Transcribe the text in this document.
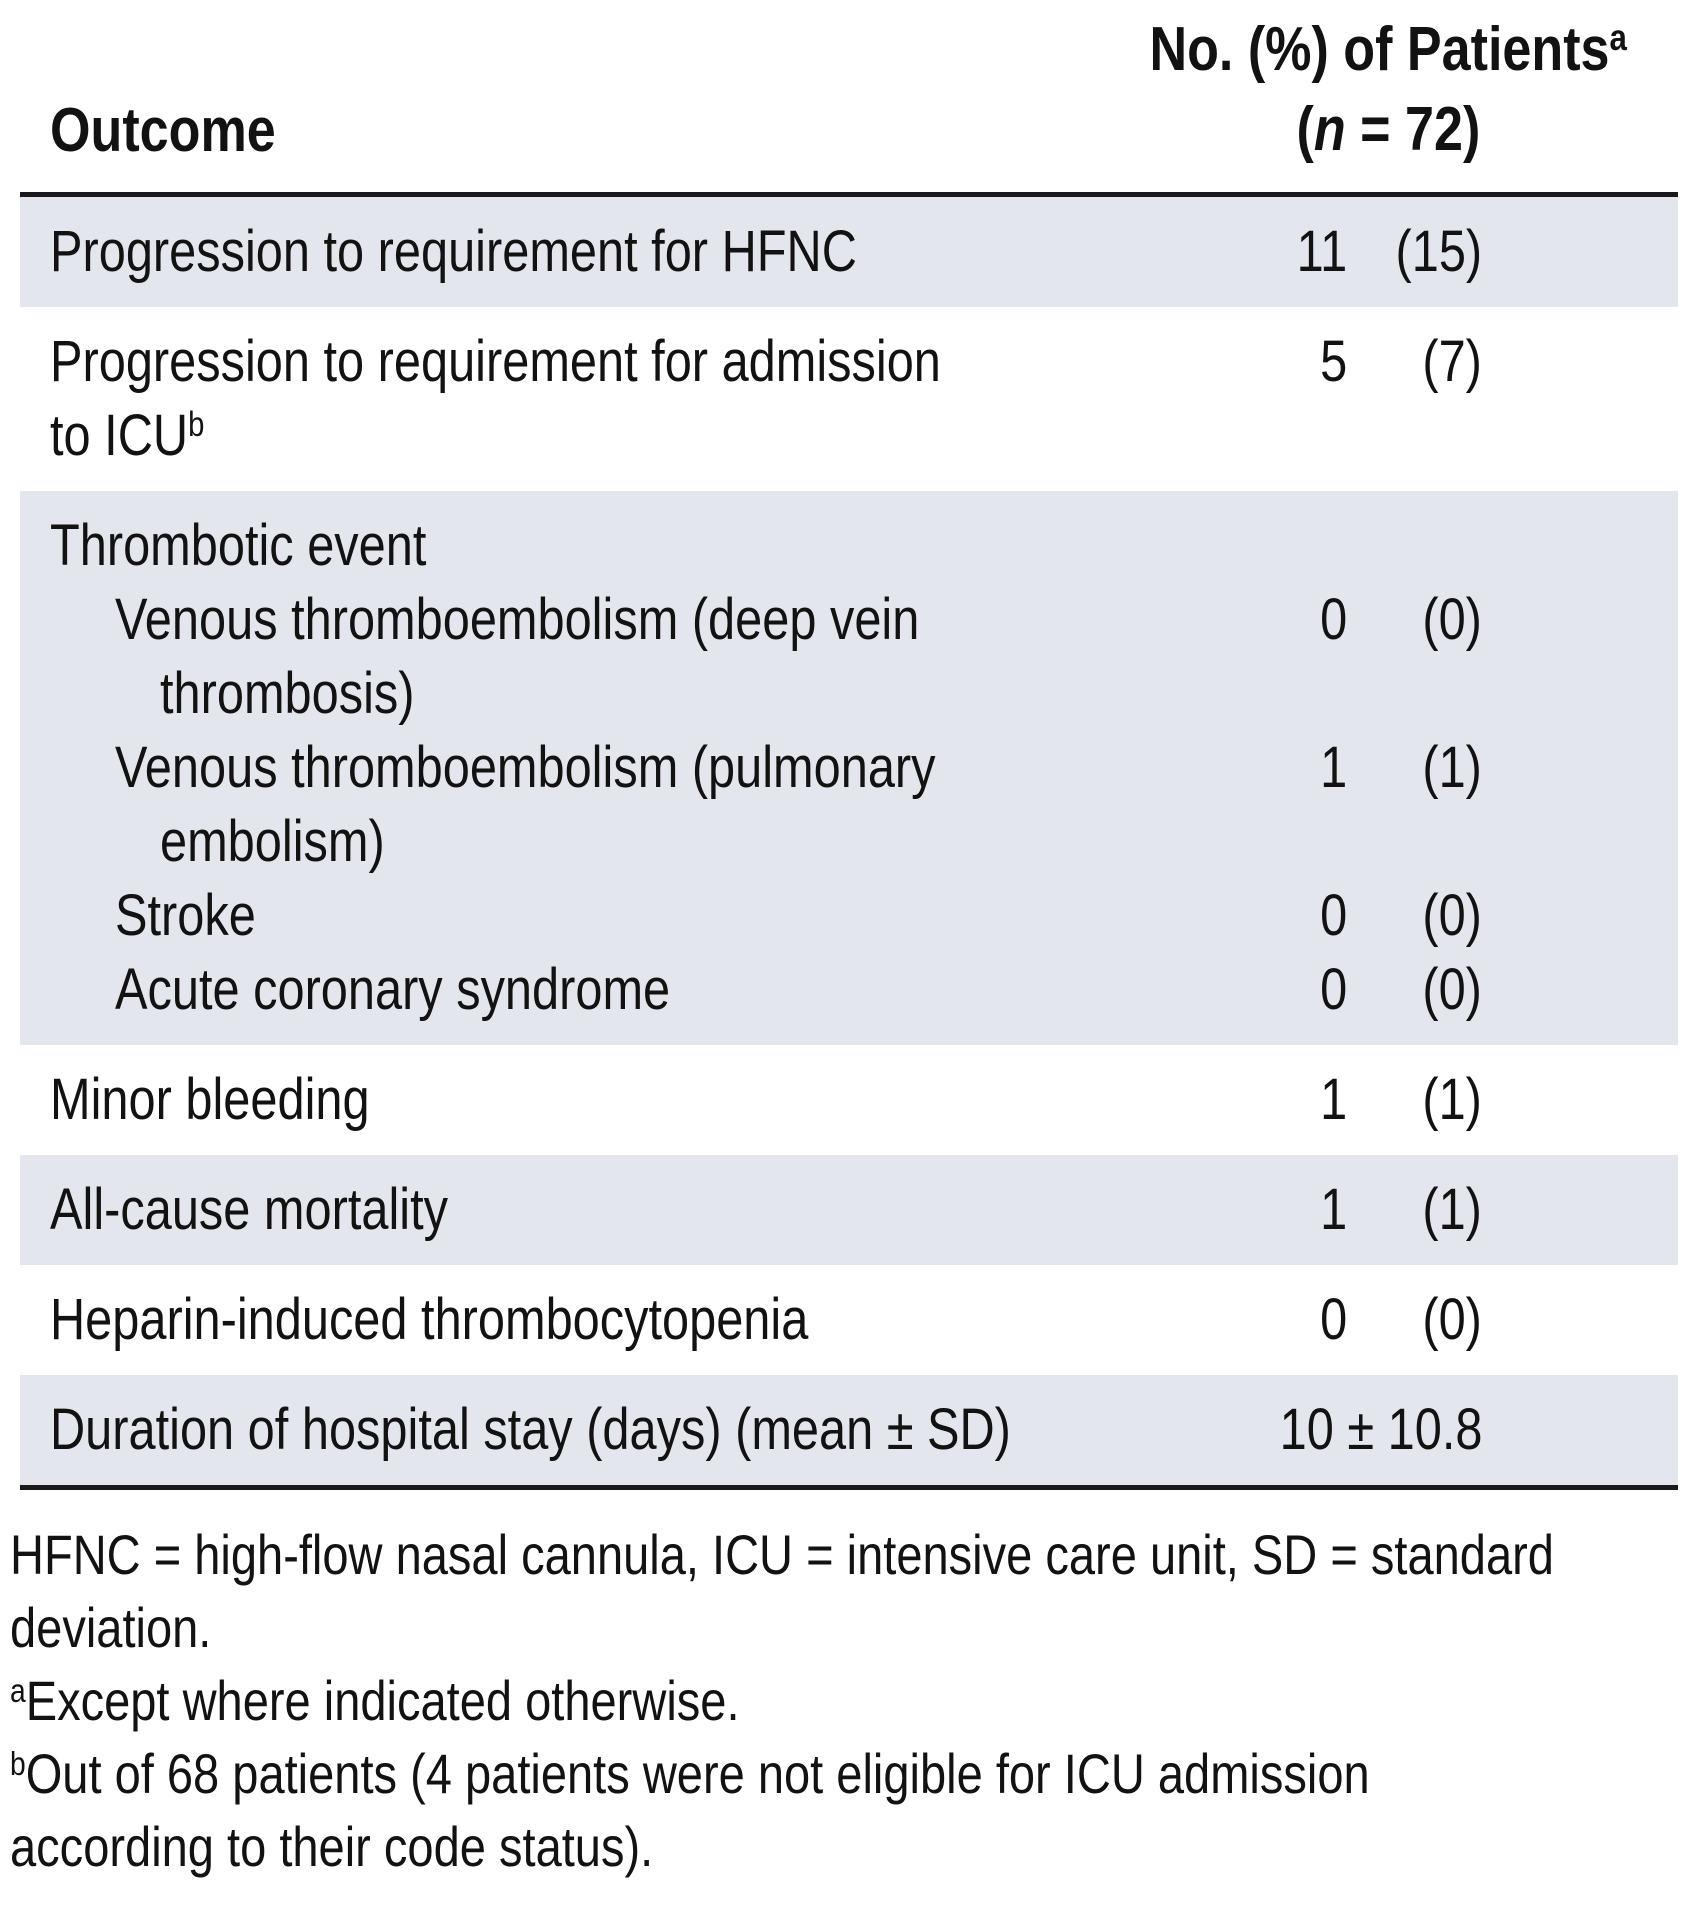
Outcome
No. (%) of Patients$^a$
(n = 72)
Progression to requirement for HFNC	11 (15)
Progression to requirement for admission	5	(7)
to ICU$^b$
Thrombotic event
Venous thromboembolism (deep vein	0	(0)
thrombosis)
Venous thromboembolism (pulmonary	1	(1)
embolism)
Stroke	0	(0)
Acute coronary syndrome	0	(0)
Minor bleeding	1	(1)
All-cause mortality	1	(1)
Heparin-induced thrombocytopenia	0	(0)
Duration of hospital stay (days) (mean ± SD)	10 ± 10.8
HFNC = high-flow nasal cannula, ICU = intensive care unit, SD = standard
deviation.
$^a$Except where indicated otherwise.
$^b$Out of 68 patients (4 patients were not eligible for ICU admission
according to their code status).
